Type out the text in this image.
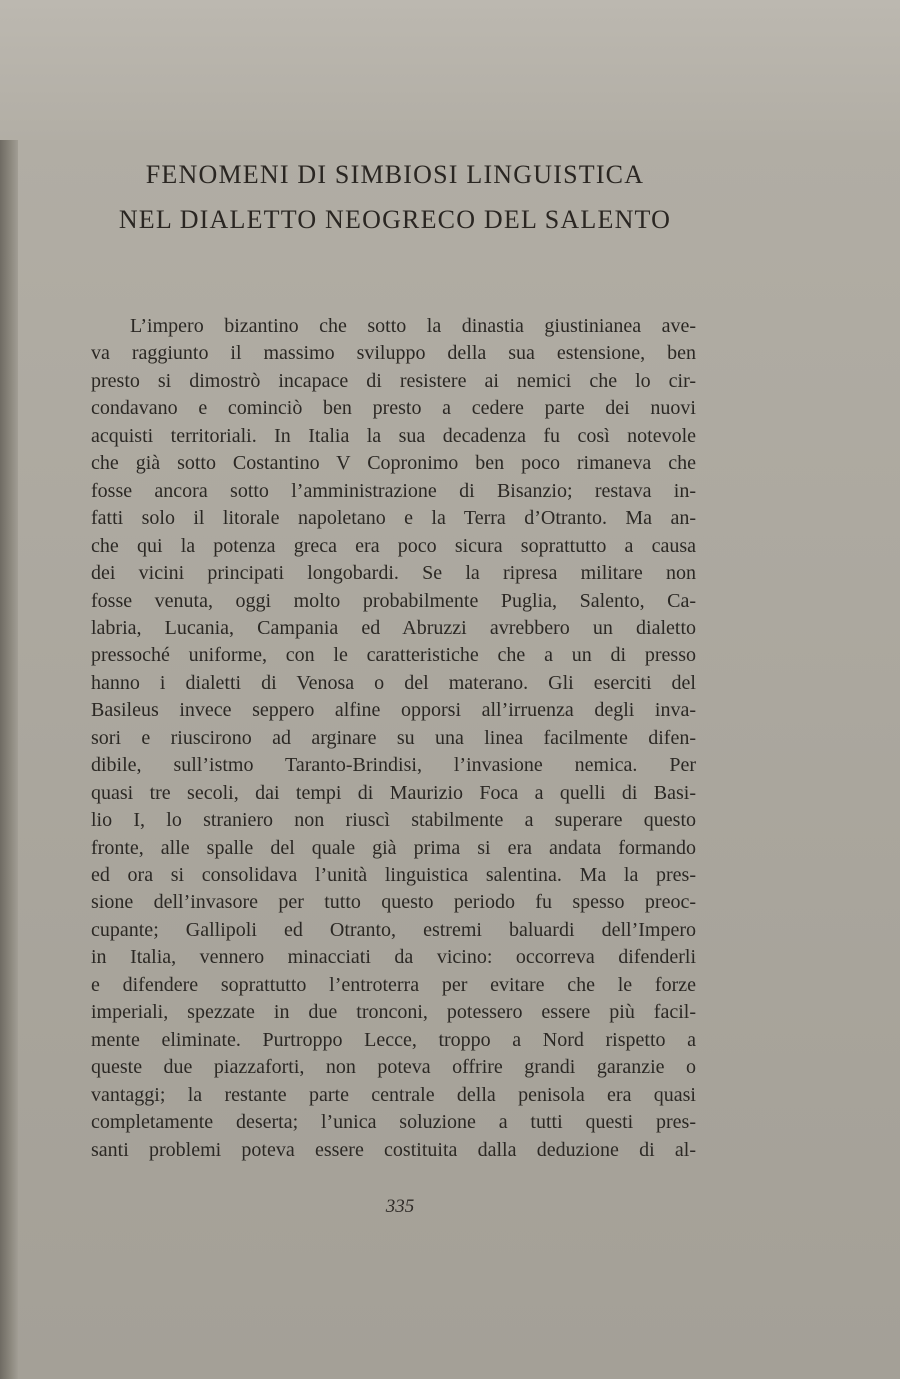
FENOMENI DI SIMBIOSI LINGUISTICA
NEL DIALETTO NEOGRECO DEL SALENTO
L’impero bizantino che sotto la dinastia giustinianea ave-
va raggiunto il massimo sviluppo della sua estensione, ben
presto si dimostrò incapace di resistere ai nemici che lo cir-
condavano e cominciò ben presto a cedere parte dei nuovi
acquisti territoriali. In Italia la sua decadenza fu così notevole
che già sotto Costantino V Copronimo ben poco rimaneva che
fosse ancora sotto l’amministrazione di Bisanzio; restava in-
fatti solo il litorale napoletano e la Terra d’Otranto. Ma an-
che qui la potenza greca era poco sicura soprattutto a causa
dei vicini principati longobardi. Se la ripresa militare non
fosse venuta, oggi molto probabilmente Puglia, Salento, Ca-
labria, Lucania, Campania ed Abruzzi avrebbero un dialetto
pressoché uniforme, con le caratteristiche che a un di presso
hanno i dialetti di Venosa o del materano. Gli eserciti del
Basileus invece seppero alfine opporsi all’irruenza degli inva-
sori e riuscirono ad arginare su una linea facilmente difen-
dibile, sull’istmo Taranto-Brindisi, l’invasione nemica. Per
quasi tre secoli, dai tempi di Maurizio Foca a quelli di Basi-
lio I, lo straniero non riuscì stabilmente a superare questo
fronte, alle spalle del quale già prima si era andata formando
ed ora si consolidava l’unità linguistica salentina. Ma la pres-
sione dell’invasore per tutto questo periodo fu spesso preoc-
cupante; Gallipoli ed Otranto, estremi baluardi dell’Impero
in Italia, vennero minacciati da vicino: occorreva difenderli
e difendere soprattutto l’entroterra per evitare che le forze
imperiali, spezzate in due tronconi, potessero essere più facil-
mente eliminate. Purtroppo Lecce, troppo a Nord rispetto a
queste due piazzaforti, non poteva offrire grandi garanzie o
vantaggi; la restante parte centrale della penisola era quasi
completamente deserta; l’unica soluzione a tutti questi pres-
santi problemi poteva essere costituita dalla deduzione di al-
335
